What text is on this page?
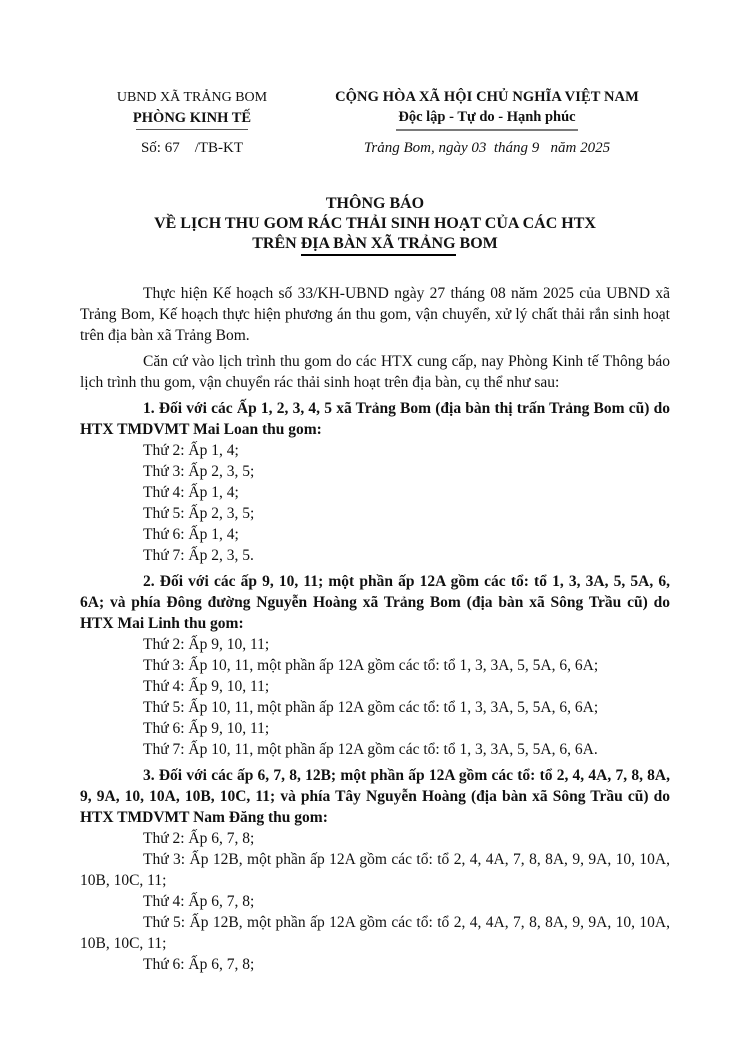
UBND XÃ TRẢNG BOM
PHÒNG KINH TẾ
Số: 67    /TB-KT
CỘNG HÒA XÃ HỘI CHỦ NGHĨA VIỆT NAM
Độc lập - Tự do - Hạnh phúc
Trảng Bom, ngày 03  tháng 9   năm 2025
THÔNG BÁO
VỀ LỊCH THU GOM RÁC THẢI SINH HOẠT CỦA CÁC HTX
TRÊN ĐỊA BÀN XÃ TRẢNG BOM

Thực hiện Kế hoạch số 33/KH-UBND ngày 27 tháng 08 năm 2025 của UBND xã Trảng Bom, Kế hoạch thực hiện phương án thu gom, vận chuyển, xử lý chất thải rắn sinh hoạt trên địa bàn xã Trảng Bom.

Căn cứ vào lịch trình thu gom do các HTX cung cấp, nay Phòng Kinh tế Thông báo lịch trình thu gom, vận chuyển rác thải sinh hoạt trên địa bàn, cụ thể như sau:

1. Đối với các Ấp 1, 2, 3, 4, 5 xã Trảng Bom (địa bàn thị trấn Trảng Bom cũ) do HTX TMDVMT Mai Loan thu gom:

Thứ 2: Ấp 1, 4;

Thứ 3: Ấp 2, 3, 5;

Thứ 4: Ấp 1, 4;

Thứ 5: Ấp 2, 3, 5;

Thứ 6: Ấp 1, 4;

Thứ 7: Ấp 2, 3, 5.

2. Đối với các ấp 9, 10, 11; một phần ấp 12A gồm các tổ: tổ 1, 3, 3A, 5, 5A, 6, 6A; và phía Đông đường Nguyễn Hoàng xã Trảng Bom (địa bàn xã Sông Trầu cũ) do HTX Mai Linh thu gom:

Thứ 2: Ấp 9, 10, 11;

Thứ 3: Ấp 10, 11, một phần ấp 12A gồm các tổ: tổ 1, 3, 3A, 5, 5A, 6, 6A;

Thứ 4: Ấp 9, 10, 11;

Thứ 5: Ấp 10, 11, một phần ấp 12A gồm các tổ: tổ 1, 3, 3A, 5, 5A, 6, 6A;

Thứ 6: Ấp 9, 10, 11;

Thứ 7: Ấp 10, 11, một phần ấp 12A gồm các tổ: tổ 1, 3, 3A, 5, 5A, 6, 6A.

3. Đối với các ấp 6, 7, 8, 12B; một phần ấp 12A gồm các tổ: tổ 2, 4, 4A, 7, 8, 8A, 9, 9A, 10, 10A, 10B, 10C, 11; và phía Tây Nguyễn Hoàng (địa bàn xã Sông Trầu cũ) do HTX TMDVMT Nam Đăng thu gom:

Thứ 2: Ấp 6, 7, 8;

Thứ 3: Ấp 12B, một phần ấp 12A gồm các tổ: tổ 2, 4, 4A, 7, 8, 8A, 9, 9A, 10, 10A, 10B, 10C, 11;

Thứ 4: Ấp 6, 7, 8;

Thứ 5: Ấp 12B, một phần ấp 12A gồm các tổ: tổ 2, 4, 4A, 7, 8, 8A, 9, 9A, 10, 10A, 10B, 10C, 11;

Thứ 6: Ấp 6, 7, 8;
